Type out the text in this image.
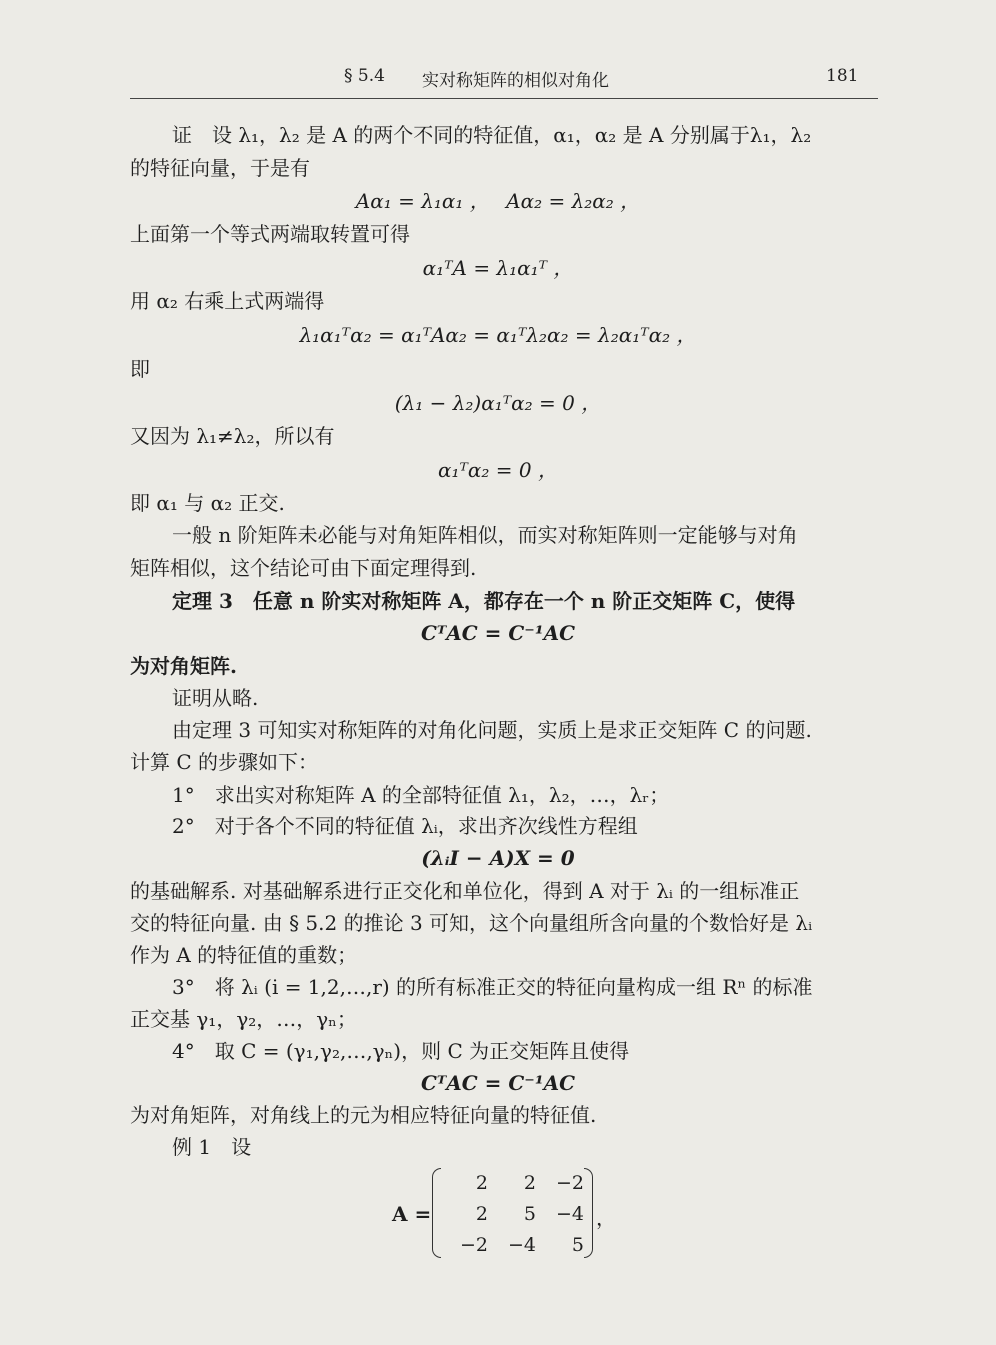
§ 5.4 实对称矩阵的相似对角化	181
证　设 λ₁，λ₂ 是 A 的两个不同的特征值，α₁，α₂ 是 A 分别属于λ₁，λ₂
的特征向量，于是有
Aα₁ = λ₁α₁ ，　 Aα₂ = λ₂α₂ ，
上面第一个等式两端取转置可得
α₁ᵀA = λ₁α₁ᵀ ，
用 α₂ 右乘上式两端得
λ₁α₁ᵀα₂ = α₁ᵀAα₂ = α₁ᵀλ₂α₂ = λ₂α₁ᵀα₂ ，
即
(λ₁ − λ₂)α₁ᵀα₂ = 0 ，
又因为 λ₁≠λ₂，所以有
α₁ᵀα₂ = 0 ，
即 α₁ 与 α₂ 正交.
一般 n 阶矩阵未必能与对角矩阵相似，而实对称矩阵则一定能够与对角
矩阵相似，这个结论可由下面定理得到.
定理 3　任意 n 阶实对称矩阵 A，都存在一个 n 阶正交矩阵 C，使得
CᵀAC = C⁻¹AC
为对角矩阵.
证明从略.
由定理 3 可知实对称矩阵的对角化问题，实质上是求正交矩阵 C 的问题.
计算 C 的步骤如下：
1°　求出实对称矩阵 A 的全部特征值 λ₁，λ₂，…，λᵣ；
2°　对于各个不同的特征值 λᵢ，求出齐次线性方程组
(λᵢI − A)X = 0
的基础解系. 对基础解系进行正交化和单位化，得到 A 对于 λᵢ 的一组标准正
交的特征向量. 由 § 5.2 的推论 3 可知，这个向量组所含向量的个数恰好是 λᵢ
作为 A 的特征值的重数；
3°　将 λᵢ (i = 1,2,…,r) 的所有标准正交的特征向量构成一组 Rⁿ 的标准
正交基 γ₁，γ₂，…，γₙ；
4°　取 C = (γ₁,γ₂,…,γₙ)，则 C 为正交矩阵且使得
CᵀAC = C⁻¹AC
为对角矩阵，对角线上的元为相应特征向量的特征值.
例 1　设
A =
2	2	−2
2	5	−4
−2	−4	5
，
